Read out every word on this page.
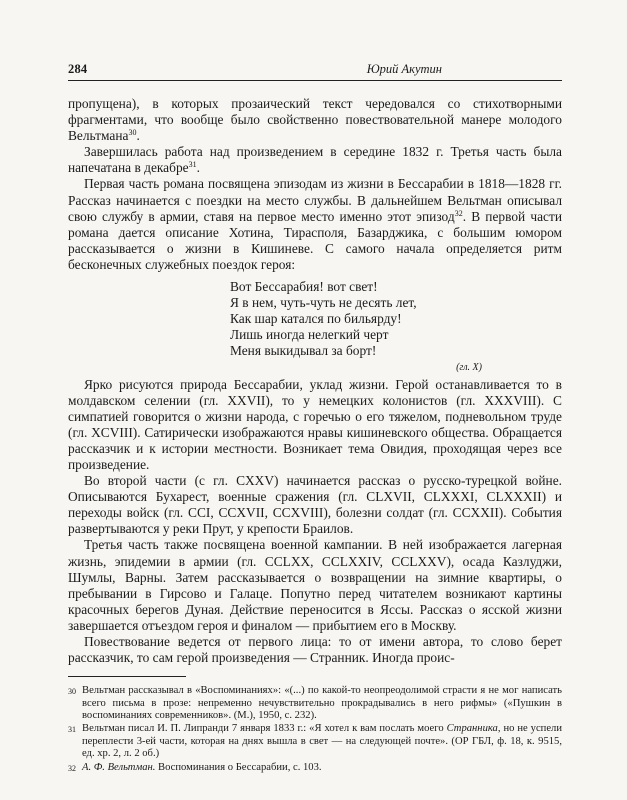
284	Юрий Акутин

пропущена), в которых прозаический текст чередовался со стихотворными фрагментами, что вообще было свойственно повествовательной манере молодого Вельтмана$^{30}$.

Завершилась работа над произведением в середине 1832 г. Третья часть была напечатана в декабре$^{31}$.

Первая часть романа посвящена эпизодам из жизни в Бессарабии в 1818—1828 гг. Рассказ начинается с поездки на место службы. В дальнейшем Вельтман описывал свою службу в армии, ставя на первое место именно этот эпизод$^{32}$. В первой части романа дается описание Хотина, Тирасполя, Базарджика, с большим юмором рассказывается о жизни в Кишиневе. С самого начала определяется ритм бесконечных служебных поездок героя:

Вот Бессарабия! вот свет!
Я в нем, чуть-чуть не десять лет,
Как шар катался по бильярду!
Лишь иногда нелегкий черт
Меня выкидывал за борт!
(гл. X)

Ярко рисуются природа Бессарабии, уклад жизни. Герой останавливается то в молдавском селении (гл. XXVII), то у немецких колонистов (гл. XXXVIII). С симпатией говорится о жизни народа, с горечью о его тяжелом, подневольном труде (гл. XCVIII). Сатирически изображаются нравы кишиневского общества. Обращается рассказчик и к истории местности. Возникает тема Овидия, проходящая через все произведение.

Во второй части (с гл. CXXV) начинается рассказ о русско-турецкой войне. Описываются Бухарест, военные сражения (гл. CLXVII, CLXXXI, CLXXXII) и переходы войск (гл. CCI, CCXVII, CCXVIII), болезни солдат (гл. CCXXII). События развертываются у реки Прут, у крепости Браилов.

Третья часть также посвящена военной кампании. В ней изображается лагерная жизнь, эпидемии в армии (гл. CCLXX, CCLXXIV, CCLXXV), осада Казлуджи, Шумлы, Варны. Затем рассказывается о возвращении на зимние квартиры, о пребывании в Гирсово и Галаце. Попутно перед читателем возникают картины красочных берегов Дуная. Действие переносится в Яссы. Рассказ о ясской жизни завершается отъездом героя и финалом — прибытием его в Москву.

Повествование ведется от первого лица: то от имени автора, то слово берет рассказчик, то сам герой произведения — Странник. Иногда проис-

30 Вельтман рассказывал в «Воспоминаниях»: «(...) по какой-то неопреодолимой страсти я не мог написать всего письма в прозе: непременно нечувствительно прокрадывались в него рифмы» («Пушкин в воспоминаниях современников». (М.), 1950, с. 232).
31 Вельтман писал И. П. Липранди 7 января 1833 г.: «Я хотел к вам послать моего Странника, но не успели переплести 3-ей части, которая на днях вышла в свет — на следующей почте». (ОР ГБЛ, ф. 18, к. 9515, ед. хр. 2, л. 2 об.)
32 А. Ф. Вельтман. Воспоминания о Бессарабии, с. 103.
